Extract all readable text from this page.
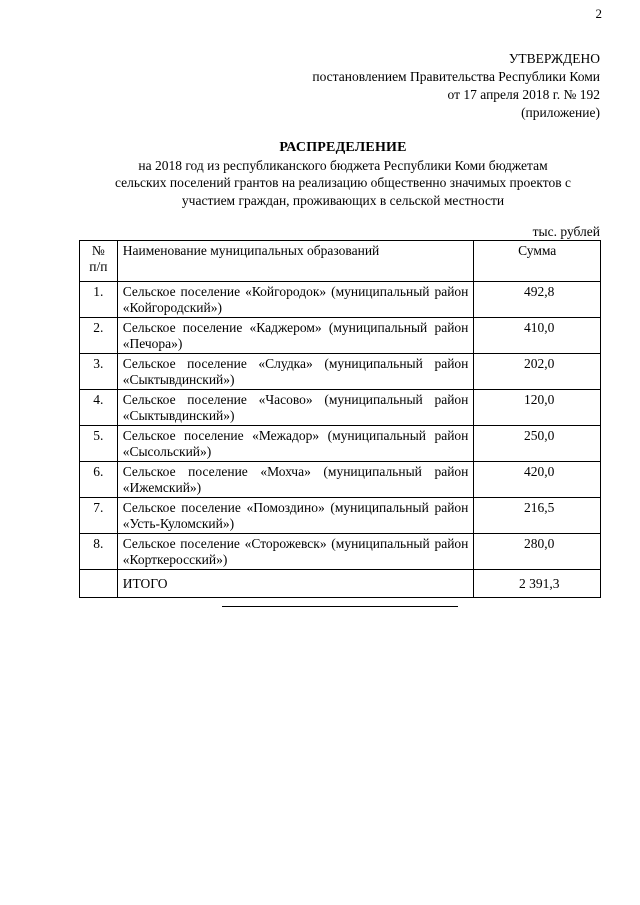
2
УТВЕРЖДЕНО
постановлением Правительства Республики Коми
от 17 апреля 2018 г. № 192
(приложение)
РАСПРЕДЕЛЕНИЕ
на 2018 год из республиканского бюджета Республики Коми бюджетам
сельских поселений грантов на реализацию общественно значимых проектов с
участием граждан, проживающих в сельской местности
тыс. рублей
№ п/п	Наименование муниципальных образований	Сумма
1.	Сельское поселение «Койгородок» (муниципальный район «Койгородский»)	492,8
2.	Сельское поселение «Каджером» (муниципальный район «Печора»)	410,0
3.	Сельское поселение «Слудка» (муниципальный район «Сыктывдинский»)	202,0
4.	Сельское поселение «Часово» (муниципальный район «Сыктывдинский»)	120,0
5.	Сельское поселение «Межадор» (муниципальный район «Сысольский»)	250,0
6.	Сельское поселение «Мохча» (муниципальный район «Ижемский»)	420,0
7.	Сельское поселение «Помоздино» (муниципальный район «Усть-Куломский»)	216,5
8.	Сельское поселение «Сторожевск» (муниципальный район «Корткеросский»)	280,0
	ИТОГО	2 391,3
